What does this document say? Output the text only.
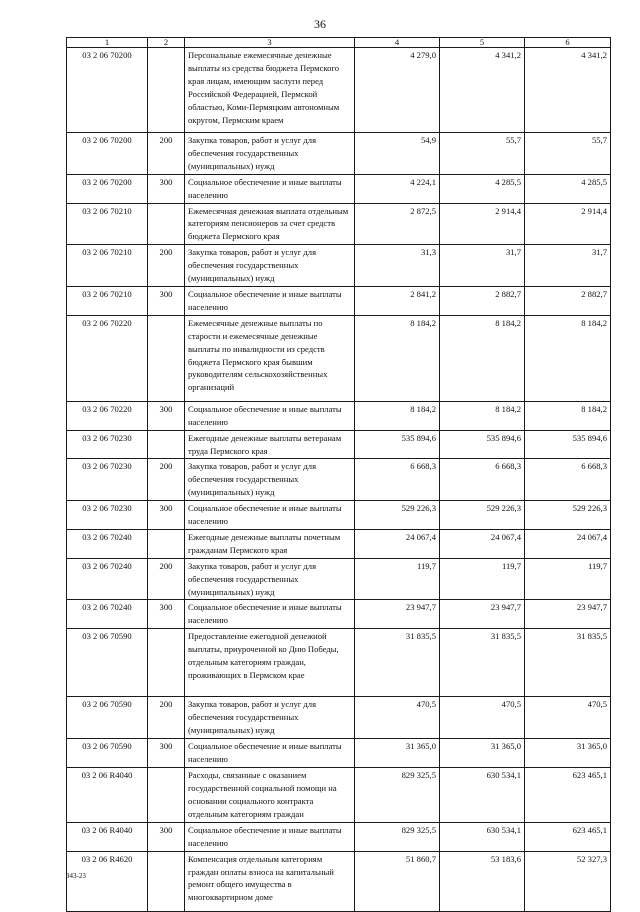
36
1	2	3	4	5	6
03 2 06 70200		Персональные ежемесячные денежные выплаты из средства бюджета Пермского края лицам, имеющим заслуги перед Российской Федерацией, Пермской областью, Коми-Пермяцким автономным округом, Пермским краем	4 279,0	4 341,2	4 341,2
03 2 06 70200	200	Закупка товаров, работ и услуг для обеспечения государственных (муниципальных) нужд	54,9	55,7	55,7
03 2 06 70200	300	Социальное обеспечение и иные выплаты населению	4 224,1	4 285,5	4 285,5
03 2 06 70210		Ежемесячная денежная выплата отдельным категориям пенсионеров за счет средств бюджета Пермского края	2 872,5	2 914,4	2 914,4
03 2 06 70210	200	Закупка товаров, работ и услуг для обеспечения государственных (муниципальных) нужд	31,3	31,7	31,7
03 2 06 70210	300	Социальное обеспечение и иные выплаты населению	2 841,2	2 882,7	2 882,7
03 2 06 70220		Ежемесячные денежные выплаты по старости и ежемесячные денежные выплаты по инвалидности из средств бюджета Пермского края бывшим руководителям сельскохозяйственных организаций	8 184,2	8 184,2	8 184,2
03 2 06 70220	300	Социальное обеспечение и иные выплаты населению	8 184,2	8 184,2	8 184,2
03 2 06 70230		Ежегодные денежные выплаты ветеранам труда Пермского края	535 894,6	535 894,6	535 894,6
03 2 06 70230	200	Закупка товаров, работ и услуг для обеспечения государственных (муниципальных) нужд	6 668,3	6 668,3	6 668,3
03 2 06 70230	300	Социальное обеспечение и иные выплаты населению	529 226,3	529 226,3	529 226,3
03 2 06 70240		Ежегодные денежные выплаты почетным гражданам Пермского края	24 067,4	24 067,4	24 067,4
03 2 06 70240	200	Закупка товаров, работ и услуг для обеспечения государственных (муниципальных) нужд	119,7	119,7	119,7
03 2 06 70240	300	Социальное обеспечение и иные выплаты населению	23 947,7	23 947,7	23 947,7
03 2 06 70590		Предоставление ежегодной денежной выплаты, приуроченной ко Дню Победы, отдельным категориям граждан, проживающих в Пермском крае	31 835,5	31 835,5	31 835,5
03 2 06 70590	200	Закупка товаров, работ и услуг для обеспечения государственных (муниципальных) нужд	470,5	470,5	470,5
03 2 06 70590	300	Социальное обеспечение и иные выплаты населению	31 365,0	31 365,0	31 365,0
03 2 06 R4040		Расходы, связанные с оказанием государственной социальной помощи на основании социального контракта отдельным категориям граждан	829 325,5	630 534,1	623 465,1
03 2 06 R4040	300	Социальное обеспечение и иные выплаты населению	829 325,5	630 534,1	623 465,1
03 2 06 R4620		Компенсация отдельным категориям граждан оплаты взноса на капитальный ремонт общего имущества в многоквартирном доме	51 860,7	53 183,6	52 327,3
943-23
